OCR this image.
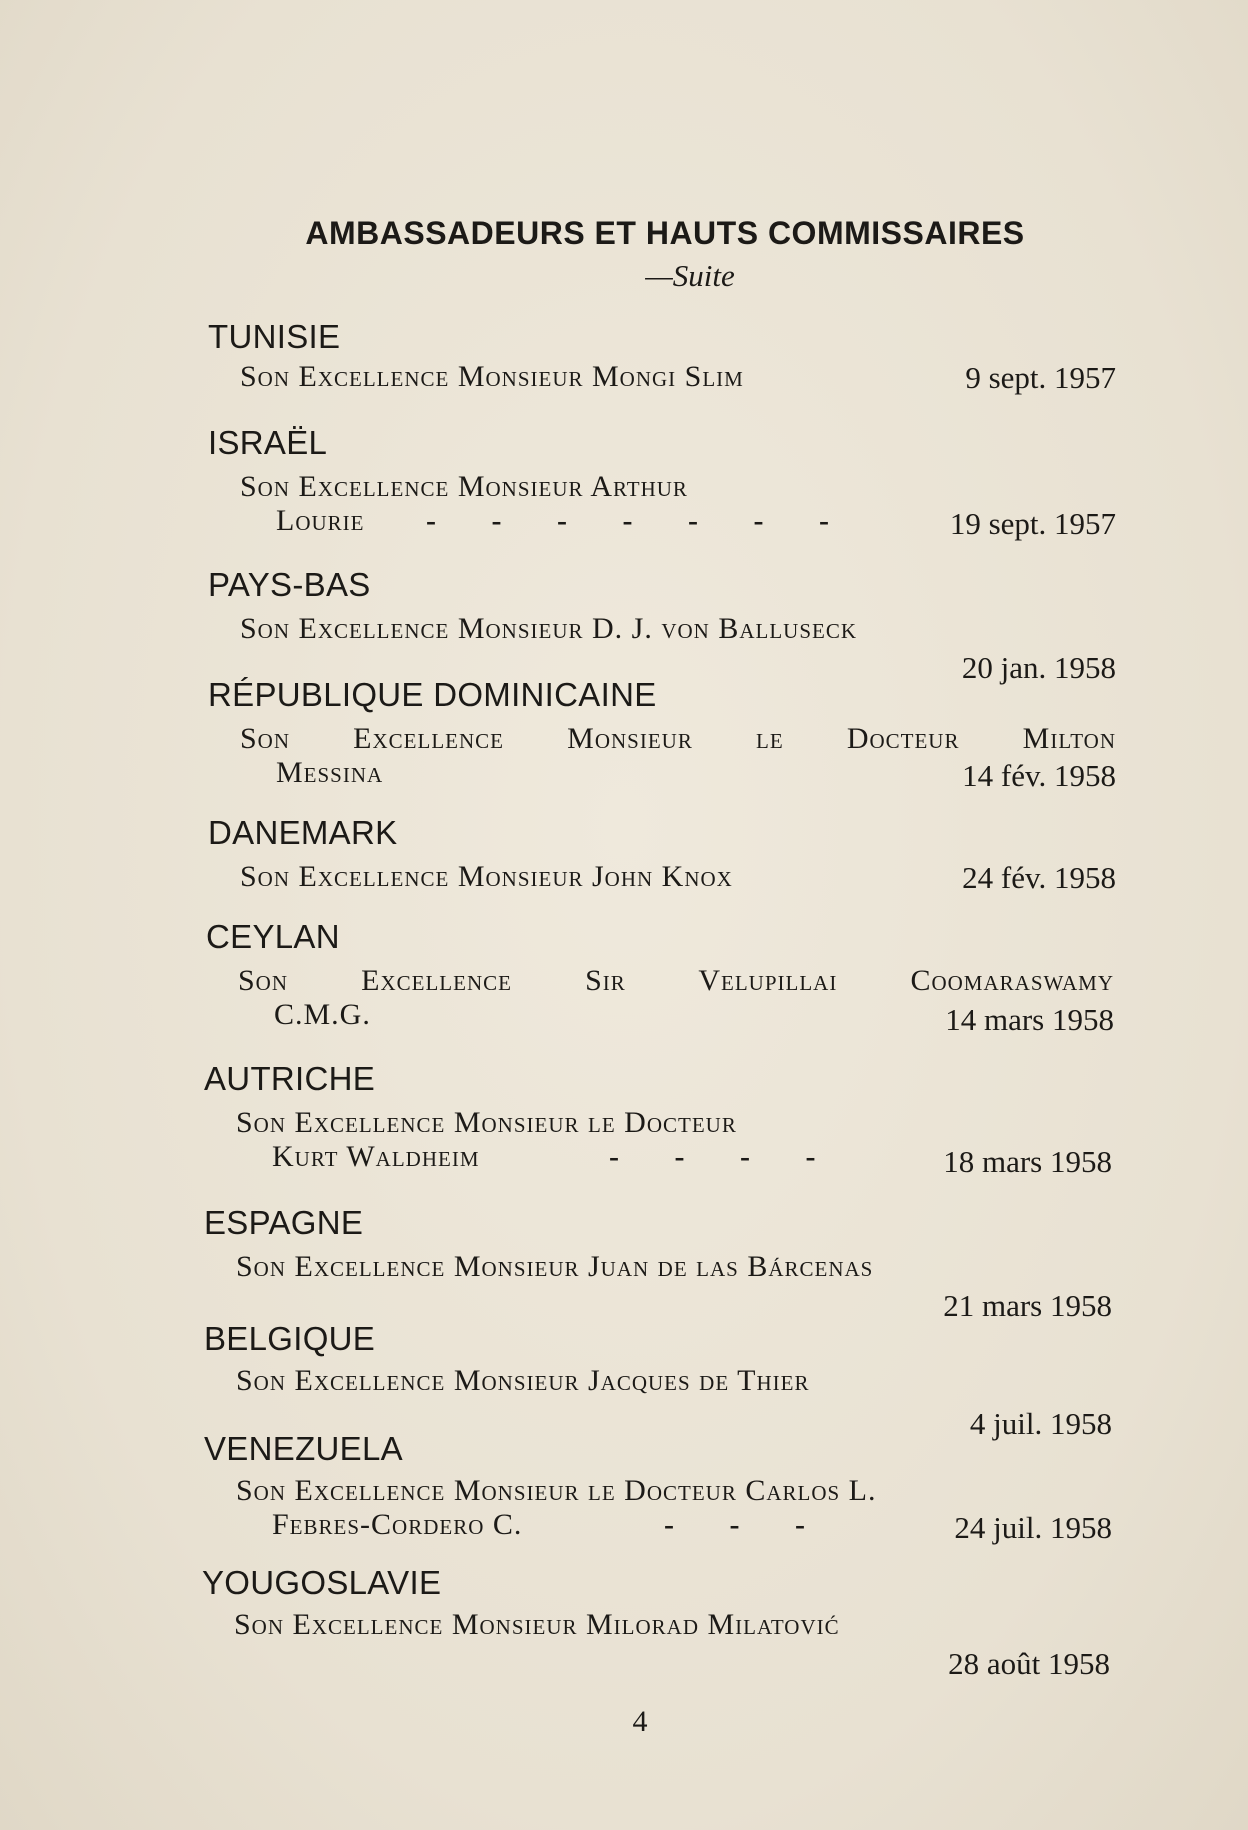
AMBASSADEURS ET HAUTS COMMISSAIRES
—Suite
TUNISIE
Son Excellence Monsieur Mongi Slim	9 sept. 1957
ISRAËL
Son Excellence Monsieur Arthur
Lourie - - - - - - -	19 sept. 1957
PAYS-BAS
Son Excellence Monsieur D. J. von Balluseck
20 jan. 1958
RÉPUBLIQUE DOMINICAINE
Son Excellence Monsieur le Docteur Milton
Messina	14 fév. 1958
DANEMARK
Son Excellence Monsieur John Knox	24 fév. 1958
CEYLAN
Son Excellence Sir Velupillai Coomaraswamy
C.M.G.	14 mars 1958
AUTRICHE
Son Excellence Monsieur le Docteur
Kurt Waldheim	- - - -	18 mars 1958
ESPAGNE
Son Excellence Monsieur Juan de las Bárcenas
21 mars 1958
BELGIQUE
Son Excellence Monsieur Jacques de Thier
4 juil. 1958
VENEZUELA
Son Excellence Monsieur le Docteur Carlos L.
Febres-Cordero C.	- - -	24 juil. 1958
YOUGOSLAVIE
Son Excellence Monsieur Milorad Milatović
28 août 1958
4
